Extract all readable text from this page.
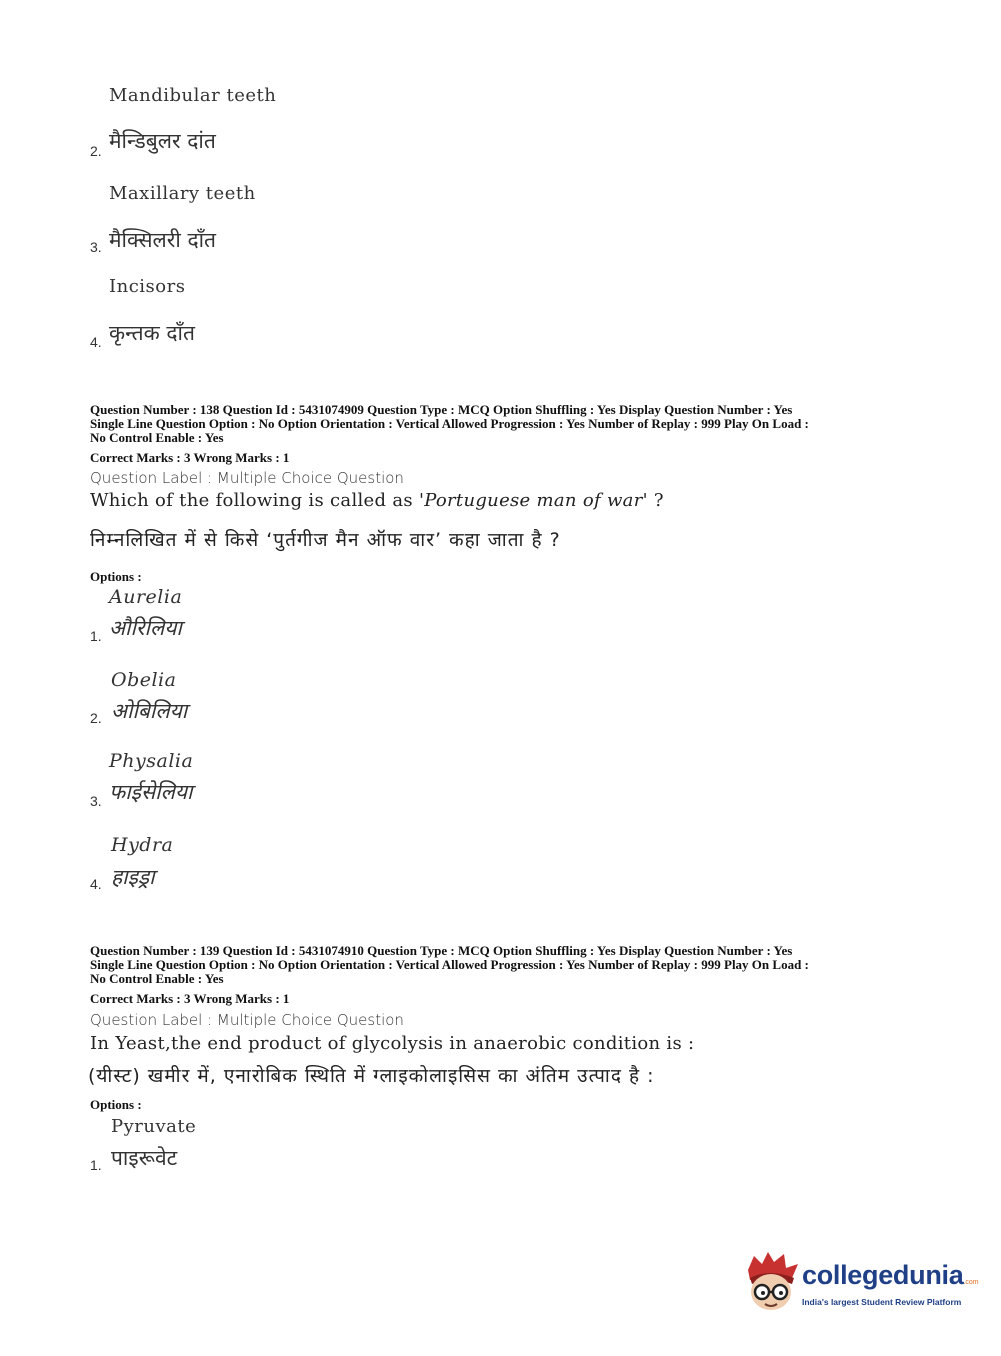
Mandibular teeth
2. मैन्डिबुलर दांत
Maxillary teeth
3. मैक्सिलरी दाँत
Incisors
4. कृन्तक दाँत
Question Number : 138 Question Id : 5431074909 Question Type : MCQ Option Shuffling : Yes Display Question Number : Yes
Single Line Question Option : No Option Orientation : Vertical Allowed Progression : Yes Number of Replay : 999 Play On Load :
No Control Enable : Yes
Correct Marks : 3 Wrong Marks : 1
Question Label : Multiple Choice Question
Which of the following is called as 'Portuguese man of war' ?
निम्नलिखित में से किसे ‘पुर्तगीज मैन ऑफ वार’ कहा जाता है ?
Options :
Aurelia
1. औरिलिया
Obelia
2. ओबिलिया
Physalia
3. फाईसेलिया
Hydra
4. हाइड्रा
Question Number : 139 Question Id : 5431074910 Question Type : MCQ Option Shuffling : Yes Display Question Number : Yes
Single Line Question Option : No Option Orientation : Vertical Allowed Progression : Yes Number of Replay : 999 Play On Load :
No Control Enable : Yes
Correct Marks : 3 Wrong Marks : 1
Question Label : Multiple Choice Question
In Yeast,the end product of glycolysis in anaerobic condition is :
(यीस्ट) खमीर में, एनारोबिक स्थिति में ग्लाइकोलाइसिस का अंतिम उत्पाद है :
Options :
Pyruvate
1. पाइरूवेट
collegedunia.com
India's largest Student Review Platform
